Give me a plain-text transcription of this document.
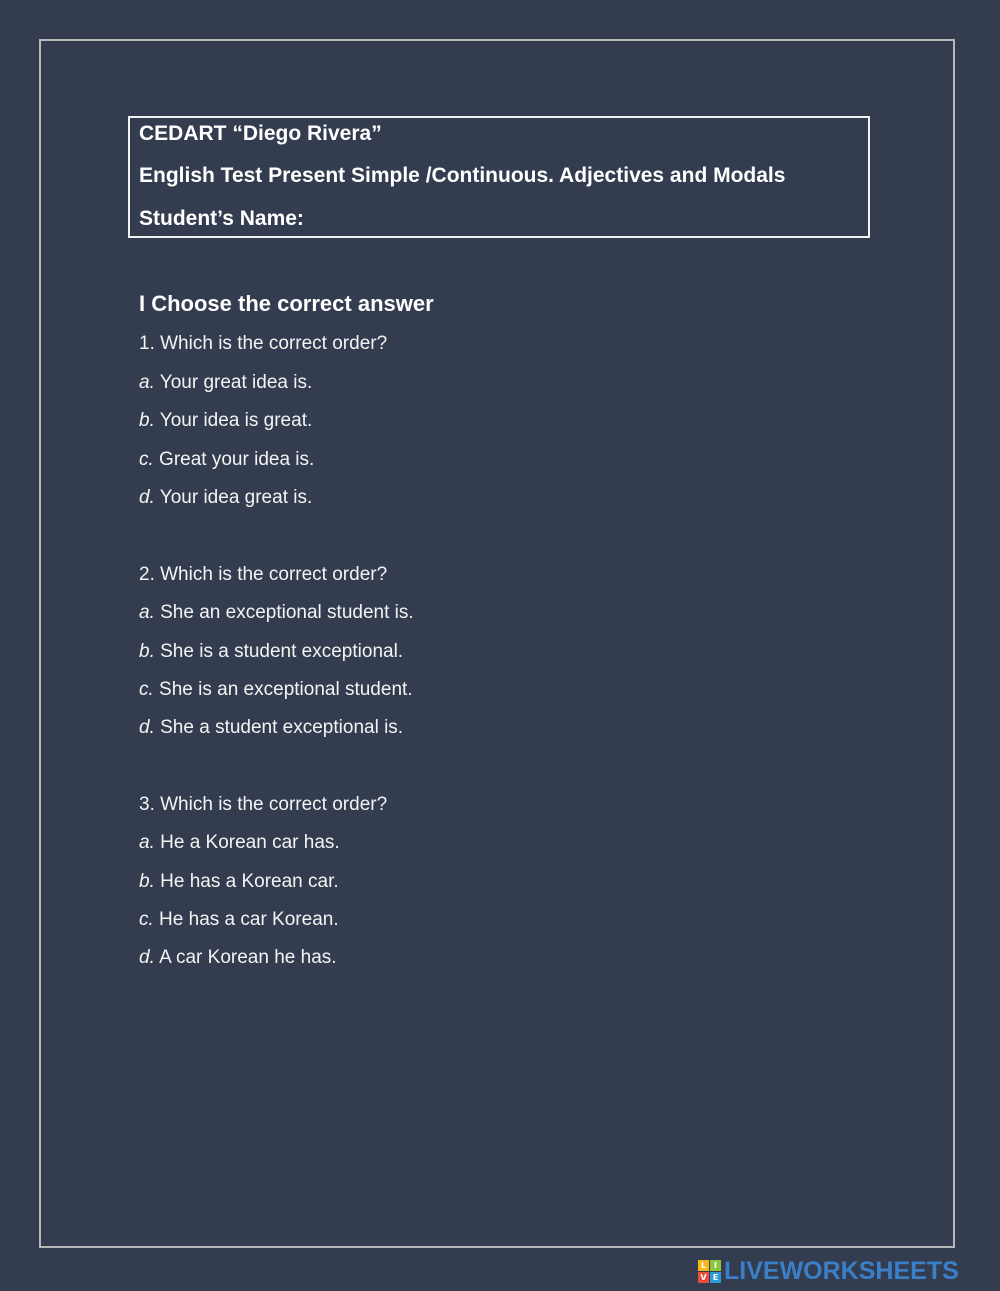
CEDART “Diego Rivera”
English Test Present Simple /Continuous. Adjectives and Modals
Student’s Name:
I Choose the correct answer
1. Which is the correct order?
a. Your great idea is.
b. Your idea is great.
c. Great your idea is.
d. Your idea great is.
2. Which is the correct order?
a. She an exceptional student is.
b. She is a student exceptional.
c. She is an exceptional student.
d. She a student exceptional is.
3. Which is the correct order?
a. He a Korean car has.
b. He has a Korean car.
c. He has a car Korean.
d. A car Korean he has.
L I
V E LIVEWORKSHEETS
